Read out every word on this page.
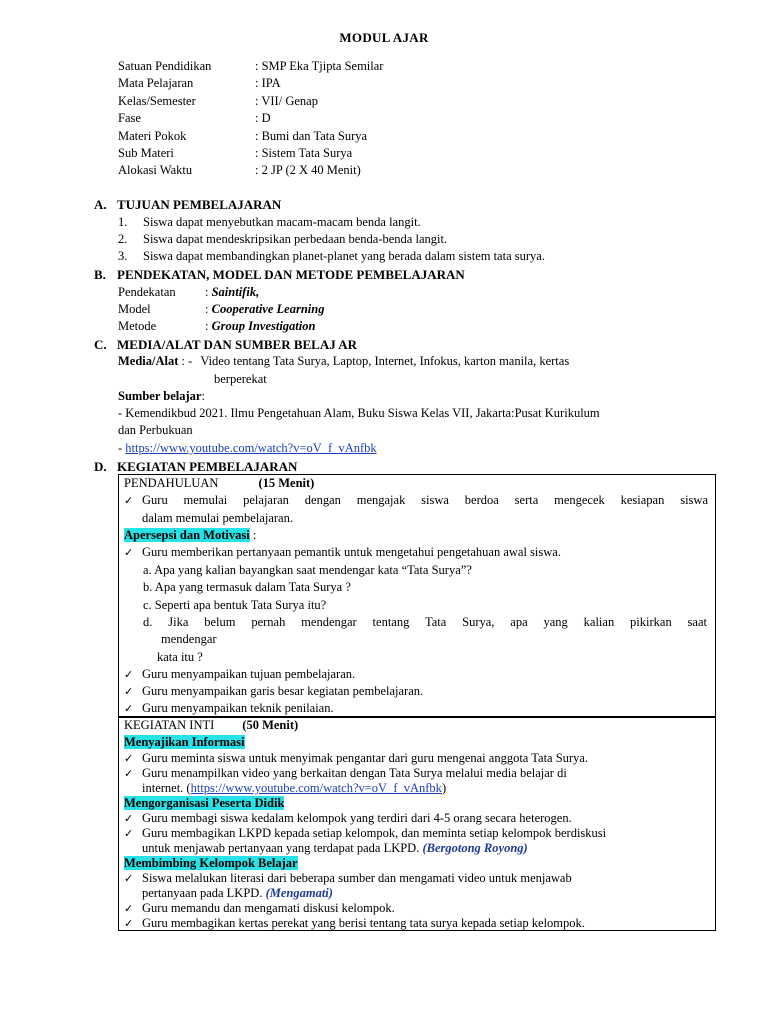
MODUL AJAR
Satuan Pendidikan	: SMP Eka Tjipta Semilar
Mata Pelajaran	: IPA
Kelas/Semester	: VII/ Genap
Fase	: D
Materi Pokok	: Bumi dan Tata Surya
Sub Materi	: Sistem Tata Surya
Alokasi Waktu	: 2 JP (2 X 40 Menit)
A. TUJUAN PEMBELAJARAN
1. Siswa dapat menyebutkan macam-macam benda langit.
2. Siswa dapat mendeskripsikan perbedaan benda-benda langit.
3. Siswa dapat membandingkan planet-planet yang berada dalam sistem tata surya.
B. PENDEKATAN, MODEL DAN METODE PEMBELAJARAN
Pendekatan : Saintifik,
Model	: Cooperative Learning
Metode	: Group Investigation
C. MEDIA/ALAT DAN SUMBER BELAJ AR
Media/Alat : - Video tentang Tata Surya, Laptop, Internet, Infokus, karton manila, kertas
berperekat
Sumber belajar:
- Kemendikbud 2021. Ilmu Pengetahuan Alam, Buku Siswa Kelas VII, Jakarta:Pusat Kurikulum
dan Perbukuan
- https://www.youtube.com/watch?v=oV_f_vAnfbk
D. KEGIATAN PEMBELAJARAN
PENDAHULUAN	(15 Menit)
✓ Guru memulai pelajaran dengan mengajak siswa berdoa serta mengecek kesiapan siswa
dalam memulai pembelajaran.
Apersepsi dan Motivasi :
✓ Guru memberikan pertanyaan pemantik untuk mengetahui pengetahuan awal siswa.
a. Apa yang kalian bayangkan saat mendengar kata “Tata Surya”?
b. Apa yang termasuk dalam Tata Surya ?
c. Seperti apa bentuk Tata Surya itu?
d. Jika belum pernah mendengar tentang Tata Surya, apa yang kalian pikirkan saat
mendengar
kata itu ?
✓ Guru menyampaikan tujuan pembelajaran.
✓ Guru menyampaikan garis besar kegiatan pembelajaran.
✓ Guru menyampaikan teknik penilaian.
KEGIATAN INTI (50 Menit)
Menyajikan Informasi
✓ Guru meminta siswa untuk menyimak pengantar dari guru mengenai anggota Tata Surya.
✓ Guru menampilkan video yang berkaitan dengan Tata Surya melalui media belajar di
internet. (https://www.youtube.com/watch?v=oV_f_vAnfbk)
Mengorganisasi Peserta Didik
✓ Guru membagi siswa kedalam kelompok yang terdiri dari 4-5 orang secara heterogen.
✓ Guru membagikan LKPD kepada setiap kelompok, dan meminta setiap kelompok berdiskusi
untuk menjawab pertanyaan yang terdapat pada LKPD. (Bergotong Royong)
Membimbing Kelompok Belajar
✓ Siswa melalukan literasi dari beberapa sumber dan mengamati video untuk menjawab
pertanyaan pada LKPD. (Mengamati)
✓ Guru memandu dan mengamati diskusi kelompok.
✓ Guru membagikan kertas perekat yang berisi tentang tata surya kepada setiap kelompok.
